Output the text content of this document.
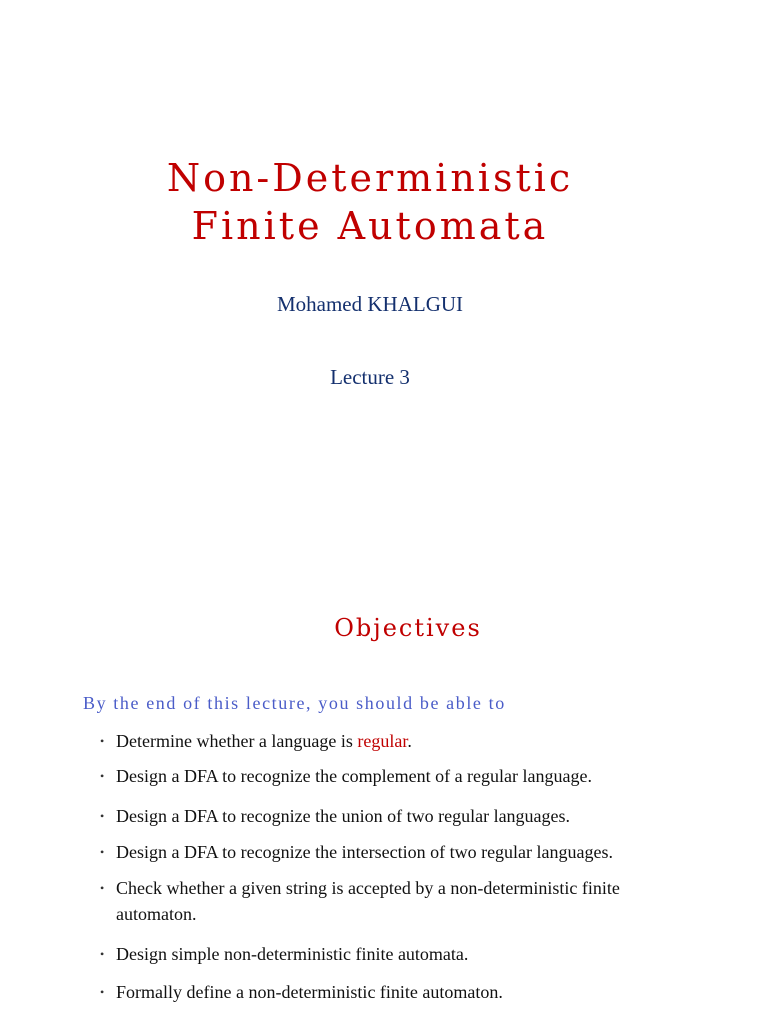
Non-Deterministic
Finite Automata
Mohamed KHALGUI
Lecture 3
Objectives
By the end of this lecture, you should be able to
• Determine whether a language is regular.
• Design a DFA to recognize the complement of a regular language.
• Design a DFA to recognize the union of two regular languages.
• Design a DFA to recognize the intersection of two regular languages.
• Check whether a given string is accepted by a non-deterministic finite automaton.
• Design simple non-deterministic finite automata.
• Formally define a non-deterministic finite automaton.
